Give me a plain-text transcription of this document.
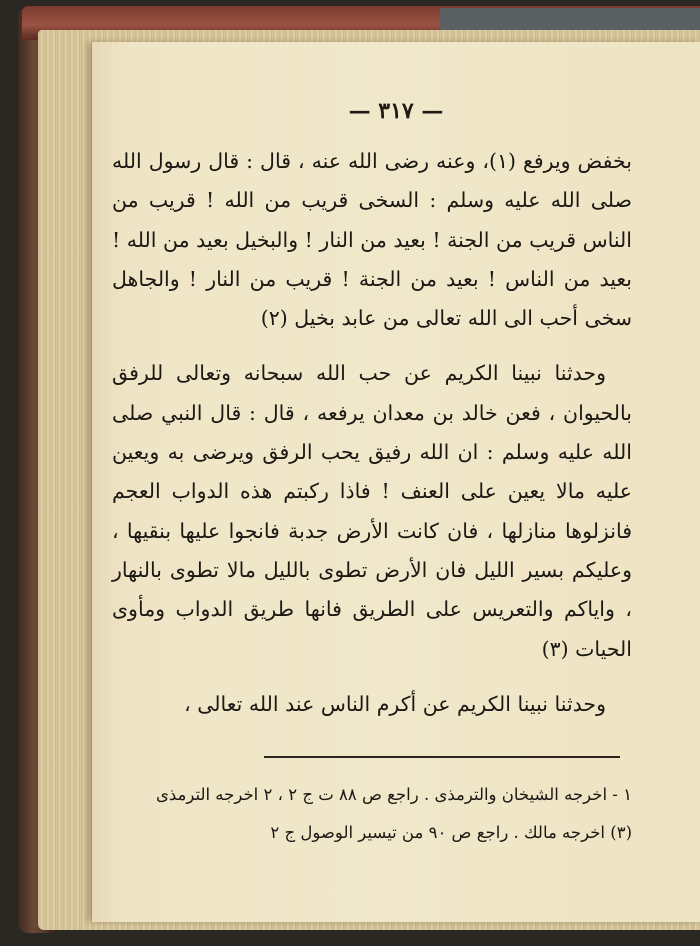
— ٣١٧ —

بخفض ويرفع (١)، وعنه رضى الله عنه ، قال : قال رسول الله صلى الله عليه وسلم : السخى قريب من الله ! قريب من الناس قريب من الجنة ! بعيد من النار ! والبخيل بعيد من الله ! بعيد من الناس ! بعيد من الجنة ! قريب من النار ! والجاهل سخى أحب الى الله تعالى من عابد بخيل (٢)

وحدثنا نبينا الكريم عن حب الله سبحانه وتعالى للرفق بالحيوان ، فعن خالد بن معدان يرفعه ، قال : قال النبي صلى الله عليه وسلم : ان الله رفيق يحب الرفق ويرضى به ويعين عليه مالا يعين على العنف ! فاذا ركبتم هذه الدواب العجم فانزلوها منازلها ، فان كانت الأرض جدبة فانجوا عليها بنقيها ، وعليكم بسير الليل فان الأرض تطوى بالليل مالا تطوى بالنهار ، واياكم والتعريس على الطريق فانها طريق الدواب ومأوى الحيات (٣)

وحدثنا نبينا الكريم عن أكرم الناس عند الله تعالى ،

١ - اخرجه الشيخان والترمذى . راجع ص ٨٨ ت ج ٢ ، ٢ اخرجه الترمذى

(٣) اخرجه مالك . راجع ص ٩٠ من تيسير الوصول ج ٢
